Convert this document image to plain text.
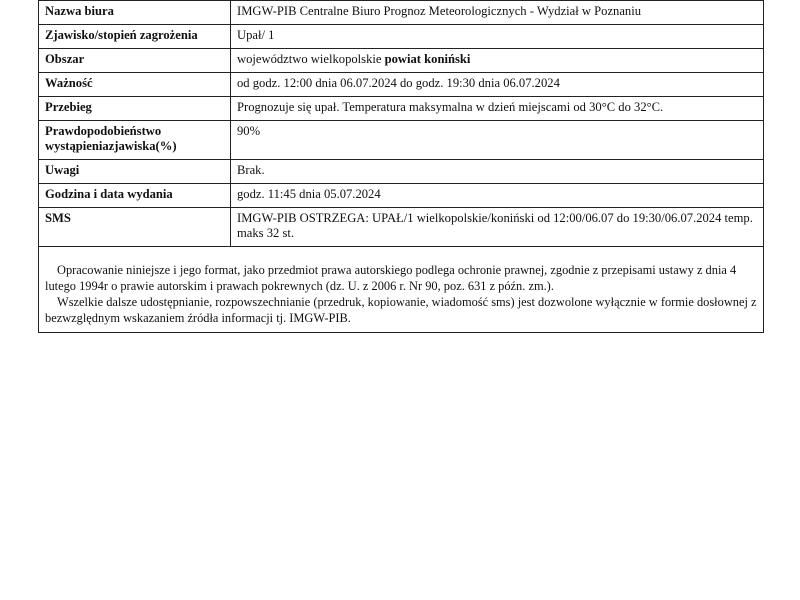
Nazwa biura	IMGW-PIB Centralne Biuro Prognoz Meteorologicznych - Wydział w Poznaniu
Zjawisko/stopień zagrożenia	Upał/ 1
Obszar	województwo wielkopolskie powiat koniński
Ważność	od godz. 12:00 dnia 06.07.2024 do godz. 19:30 dnia 06.07.2024
Przebieg	Prognozuje się upał. Temperatura maksymalna w dzień miejscami od 30°C do 32°C.
Prawdopodobieństwo wystąpieniazjawiska(%)	90%
Uwagi	Brak.
Godzina i data wydania	godz. 11:45 dnia 05.07.2024
SMS	IMGW-PIB OSTRZEGA: UPAŁ/1 wielkopolskie/koniński od 12:00/06.07 do 19:30/06.07.2024 temp. maks 32 st.

Opracowanie niniejsze i jego format, jako przedmiot prawa autorskiego podlega ochronie prawnej, zgodnie z przepisami ustawy z dnia 4 lutego 1994r o prawie autorskim i prawach pokrewnych (dz. U. z 2006 r. Nr 90, poz. 631 z późn. zm.).

Wszelkie dalsze udostępnianie, rozpowszechnianie (przedruk, kopiowanie, wiadomość sms) jest dozwolone wyłącznie w formie dosłownej z bezwzględnym wskazaniem źródła informacji tj. IMGW-PIB.
